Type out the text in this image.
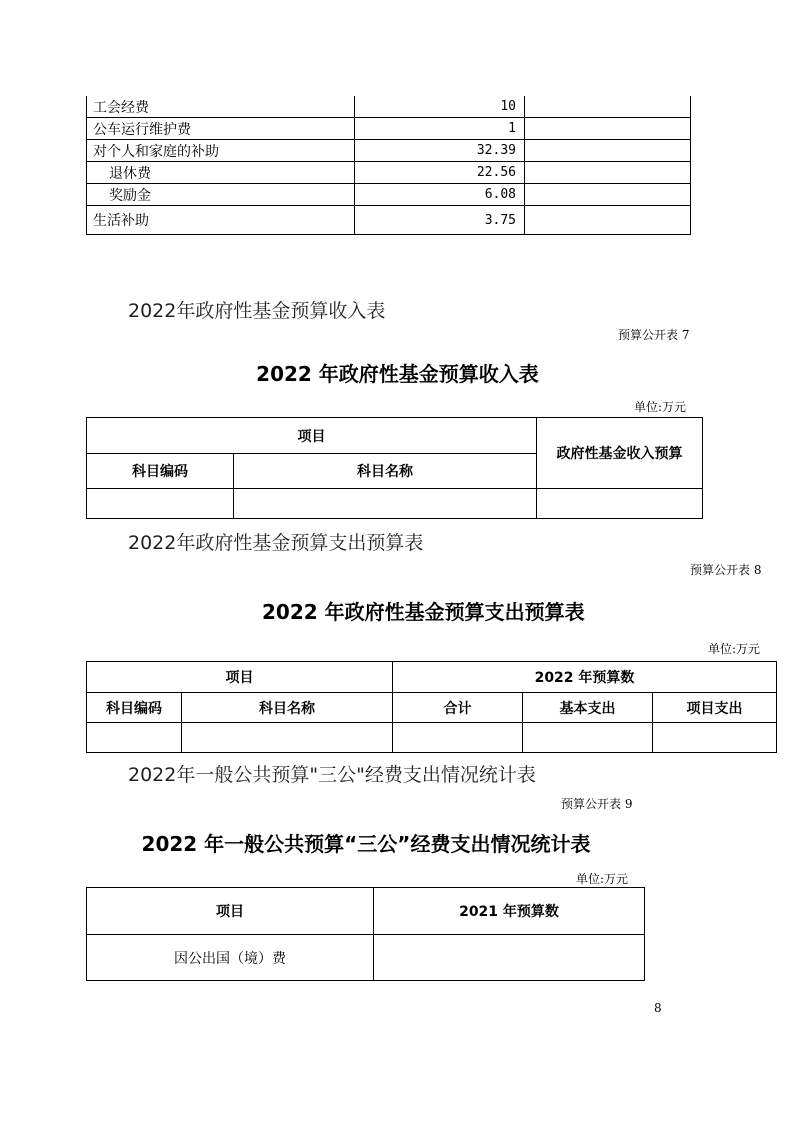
工会经费	10	
公车运行维护费	1	
对个人和家庭的补助	32.39	
退休费	22.56	
奖励金	6.08	
生活补助	3.75	
2022年政府性基金预算收入表
预算公开表 7
2022 年政府性基金预算收入表
单位:万元
项目		政府性基金收入预算
科目编码	科目名称	

2022年政府性基金预算支出预算表
预算公开表 8
2022 年政府性基金预算支出预算表
单位:万元
项目		2022 年预算数		
科目编码	科目名称	合计	基本支出	项目支出

2022年一般公共预算"三公"经费支出情况统计表
预算公开表 9
2022 年一般公共预算“三公”经费支出情况统计表
单位:万元
项目	2021 年预算数
因公出国（境）费	
8
